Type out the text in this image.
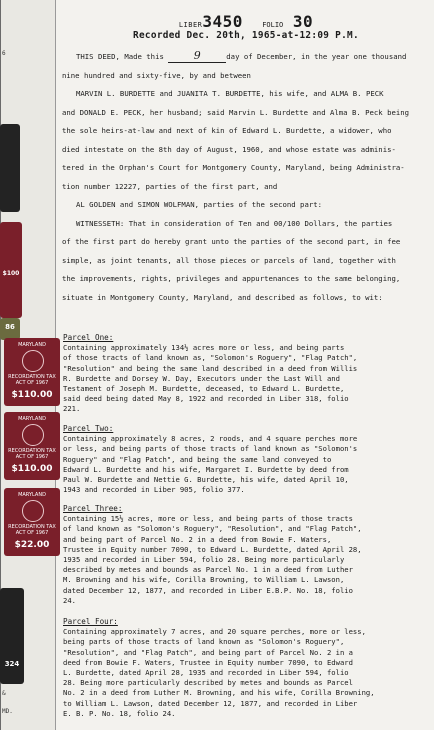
6
&
MD.
$100
86
324
MARYLAND
RECORDATION TAX
ACT OF 1967
$110.00
MARYLAND
RECORDATION TAX
ACT OF 1967
$110.00
MARYLAND
RECORDATION TAX
ACT OF 1967
$22.00
LIBER3450	FOLIO 30
Recorded Dec. 20th, 1965-at-12:09 P.M.
THIS DEED, Made this	9	day of December, in the year one thousand
nine hundred and sixty-five, by and between
MARVIN L. BURDETTE and JUANITA T. BURDETTE, his wife, and ALMA B. PECK
and DONALD E. PECK, her husband; said Marvin L. Burdette and Alma B. Peck being
the sole heirs-at-law and next of kin of Edward L. Burdette, a widower, who
died intestate on the 8th day of August, 1960, and whose estate was adminis-
tered in the Orphan's Court for Montgomery County, Maryland, being Administra-
tion number 12227, parties of the first part, and
AL GOLDEN and SIMON WOLFMAN, parties of the second part:
WITNESSETH: That in consideration of Ten and 00/100 Dollars, the parties
of the first part do hereby grant unto the parties of the second part, in fee
simple, as joint tenants, all those pieces or parcels of land, together with
the improvements, rights, privileges and appurtenances to the same belonging,
situate in Montgomery County, Maryland, and described as follows, to wit:
Parcel One:
Containing approximately 134½ acres more or less, and being parts
of those tracts of land known as, "Solomon's Roguery", "Flag Patch",
"Resolution" and being the same land described in a deed from Willis
R. Burdette and Dorsey W. Day, Executors under the Last Will and
Testament of Joseph M. Burdette, deceased, to Edward L. Burdette,
said deed being dated May 8, 1922 and recorded in Liber 318, folio
221.
Parcel Two:
Containing approximately 8 acres, 2 roods, and 4 square perches more
or less, and being parts of those tracts of land known as "Solomon's
Roguery" and "Flag Patch", and being the same land conveyed to
Edward L. Burdette and his wife, Margaret I. Burdette by deed from
Paul W. Burdette and Nettie G. Burdette, his wife, dated April 10,
1943 and recorded in Liber 905, folio 377.
Parcel Three:
Containing 15½ acres, more or less, and being parts of those tracts
of land known as "Solomon's Roguery", "Resolution", and "Flag Patch",
and being part of Parcel No. 2 in a deed from Bowie F. Waters,
Trustee in Equity number 7090, to Edward L. Burdette, dated April 28,
1935 and recorded in Liber 594, folio 28. Being more particularly
described by metes and bounds as Parcel No. 1 in a deed from Luther
M. Browning and his wife, Corilla Browning, to William L. Lawson,
dated December 12, 1877, and recorded in Liber E.B.P. No. 18, folio
24.
Parcel Four:
Containing approximately 7 acres, and 20 square perches, more or less,
being parts of those tracts of land known as "Solomon's Roguery",
"Resolution", and "Flag Patch", and being part of Parcel No. 2 in a
deed from Bowie F. Waters, Trustee in Equity number 7090, to Edward
L. Burdette, dated April 28, 1935 and recorded in Liber 594, folio
28. Being more particularly described by metes and bounds as Parcel
No. 2 in a deed from Luther M. Browning, and his wife, Corilla Browning,
to William L. Lawson, dated December 12, 1877, and recorded in Liber
E. B. P. No. 18, folio 24.
